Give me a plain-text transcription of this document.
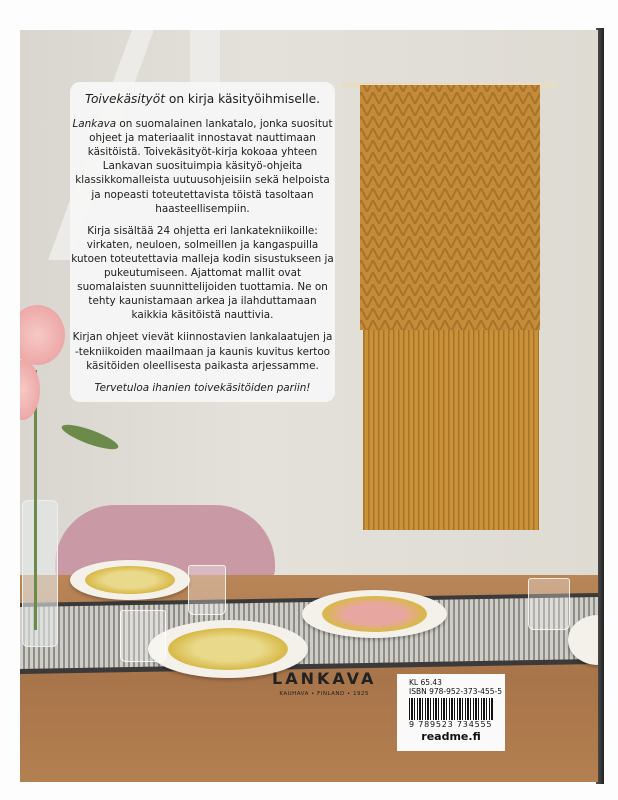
Toivekäsityöt on kirja käsityöihmiselle.

Lankava on suomalainen lankatalo, jonka suositut ohjeet ja materiaalit innostavat nauttimaan käsitöistä. Toivekäsityöt-kirja kokoaa yhteen Lankavan suosituimpia käsityö-ohjeita klassikkomalleista uutuusohjeisiin sekä helpoista ja nopeasti toteutettavista töistä tasoltaan haasteellisempiin.

Kirja sisältää 24 ohjetta eri lankatekniikoille: virkaten, neuloen, solmeillen ja kangaspuilla kutoen toteutettavia malleja kodin sisustukseen ja pukeutumiseen. Ajattomat mallit ovat suomalaisten suunnittelijoiden tuottamia. Ne on tehty kaunistamaan arkea ja ilahduttamaan kaikkia käsitöistä nauttivia.

Kirjan ohjeet vievät kiinnostavien lankalaatujen ja -tekniikoiden maailmaan ja kaunis kuvitus kertoo käsitöiden oleellisesta paikasta arjessamme.

Tervetuloa ihanien toivekäsitöiden pariin!

LANKAVA
KAUHAVA • FINLAND • 1925
KL 65.43
ISBN 978-952-373-455-5
9 789523 734555
readme.fi
